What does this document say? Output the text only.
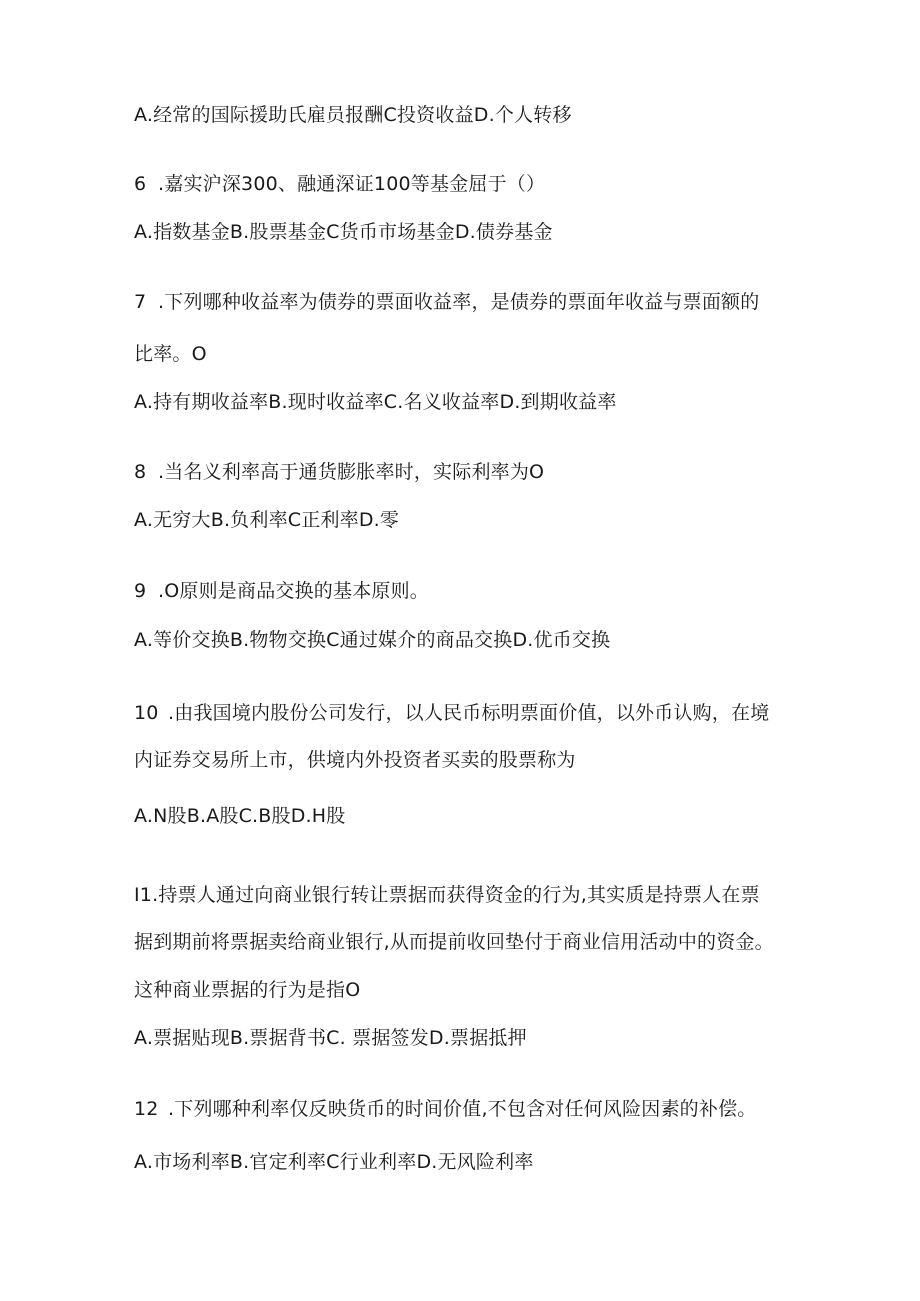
A.经常的国际援助氏雇员报酬C投资收益D.个人转移
6 .嘉实沪深300、融通深证100等基金屈于（）
A.指数基金B.股票基金C货币市场基金D.债券基金
7 .下列哪种收益率为债券的票面收益率，是债券的票面年收益与票面额的
比率。O
A.持有期收益率B.现时收益率C.名义收益率D.到期收益率
8 .当名义利率高于通货膨胀率时，实际利率为O
A.无穷大B.负利率C正利率D.零
9 .O原则是商品交换的基本原则。
A.等价交换B.物物交换C通过媒介的商品交换D.优币交换
10 .由我国境内股份公司发行，以人民币标明票面价值，以外币认购，在境
内证券交易所上市，供境内外投资者买卖的股票称为
A.N股B.A股C.B股D.H股
I1.持票人通过向商业银行转让票据而获得资金的行为,其实质是持票人在票
据到期前将票据卖给商业银行,从而提前收回垫付于商业信用活动中的资金。
这种商业票据的行为是指O
A.票据贴现B.票据背书C. 票据签发D.票据抵押
12 .下列哪种利率仅反映货币的时间价值,不包含对任何风险因素的补偿。
A.市场利率B.官定利率C行业利率D.无风险利率
